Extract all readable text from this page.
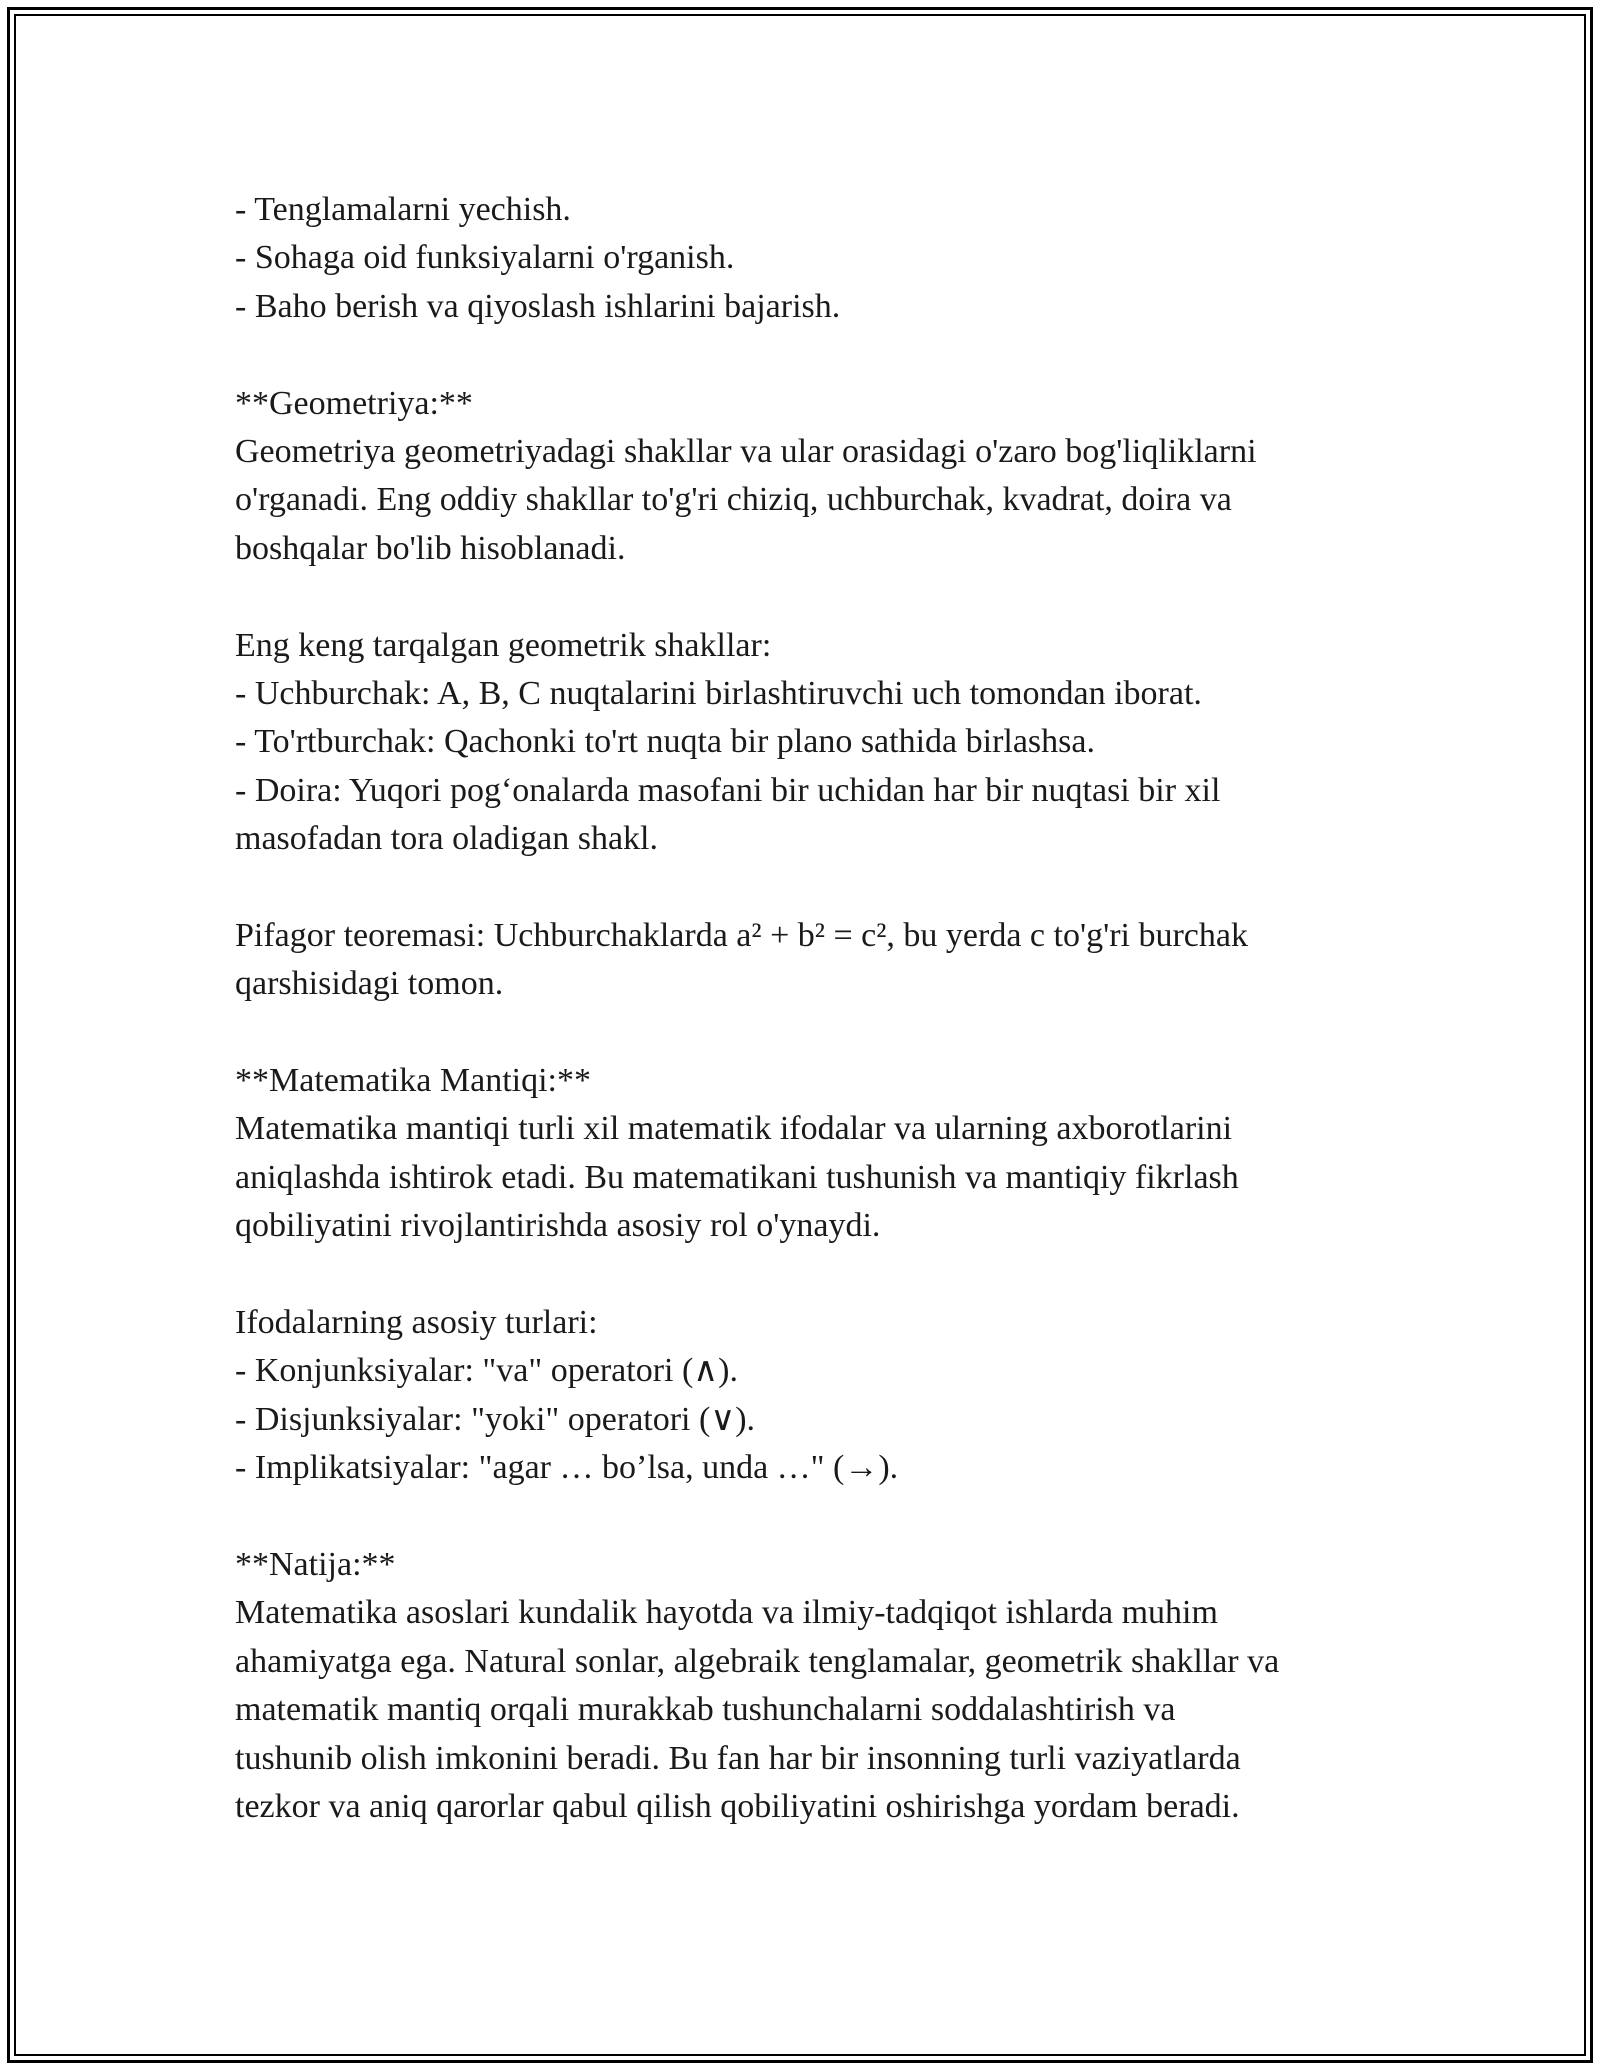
- Tenglamalarni yechish.
- Sohaga oid funksiyalarni o'rganish.
- Baho berish va qiyoslash ishlarini bajarish.
**Geometriya:**
Geometriya geometriyadagi shakllar va ular orasidagi o'zaro bog'liqliklarni
o'rganadi. Eng oddiy shakllar to'g'ri chiziq, uchburchak, kvadrat, doira va
boshqalar bo'lib hisoblanadi.
Eng keng tarqalgan geometrik shakllar:
- Uchburchak: A, B, C nuqtalarini birlashtiruvchi uch tomondan iborat.
- To'rtburchak: Qachonki to'rt nuqta bir plano sathida birlashsa.
- Doira: Yuqori pog‘onalarda masofani bir uchidan har bir nuqtasi bir xil
masofadan tora oladigan shakl.
Pifagor teoremasi: Uchburchaklarda a² + b² = c², bu yerda c to'g'ri burchak
qarshisidagi tomon.
**Matematika Mantiqi:**
Matematika mantiqi turli xil matematik ifodalar va ularning axborotlarini
aniqlashda ishtirok etadi. Bu matematikani tushunish va mantiqiy fikrlash
qobiliyatini rivojlantirishda asosiy rol o'ynaydi.
Ifodalarning asosiy turlari:
- Konjunksiyalar: "va" operatori (∧).
- Disjunksiyalar: "yoki" operatori (∨).
- Implikatsiyalar: "agar … bo’lsa, unda …" (→).
**Natija:**
Matematika asoslari kundalik hayotda va ilmiy-tadqiqot ishlarda muhim
ahamiyatga ega. Natural sonlar, algebraik tenglamalar, geometrik shakllar va
matematik mantiq orqali murakkab tushunchalarni soddalashtirish va
tushunib olish imkonini beradi. Bu fan har bir insonning turli vaziyatlarda
tezkor va aniq qarorlar qabul qilish qobiliyatini oshirishga yordam beradi.
